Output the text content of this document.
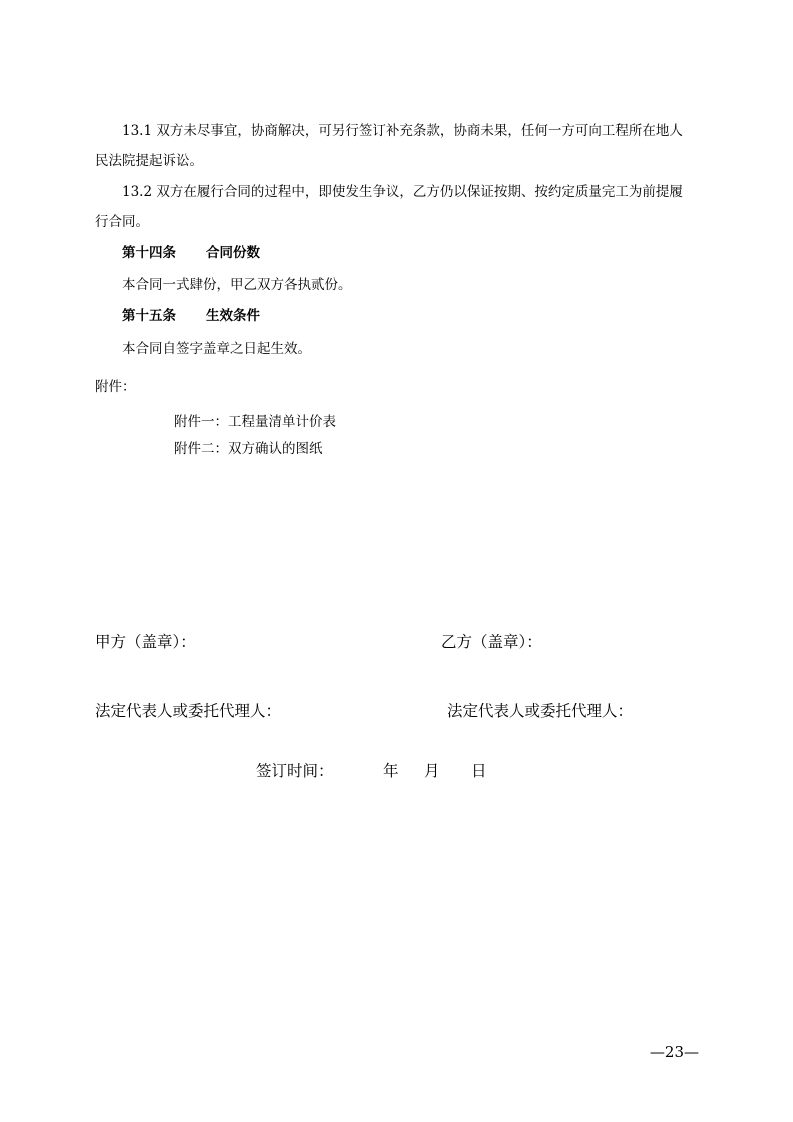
13.1 双方未尽事宜，协商解决，可另行签订补充条款，协商未果，任何一方可向工程所在地人
民法院提起诉讼。
13.2 双方在履行合同的过程中，即使发生争议，乙方仍以保证按期、按约定质量完工为前提履
行合同。
第十四条 合同份数
本合同一式肆份，甲乙双方各执贰份。
第十五条 生效条件
本合同自签字盖章之日起生效。
附件：
附件一：工程量清单计价表
附件二：双方确认的图纸
甲方（盖章）：	乙方（盖章）：
法定代表人或委托代理人：	法定代表人或委托代理人：
签订时间：	年 月 日
—23—
